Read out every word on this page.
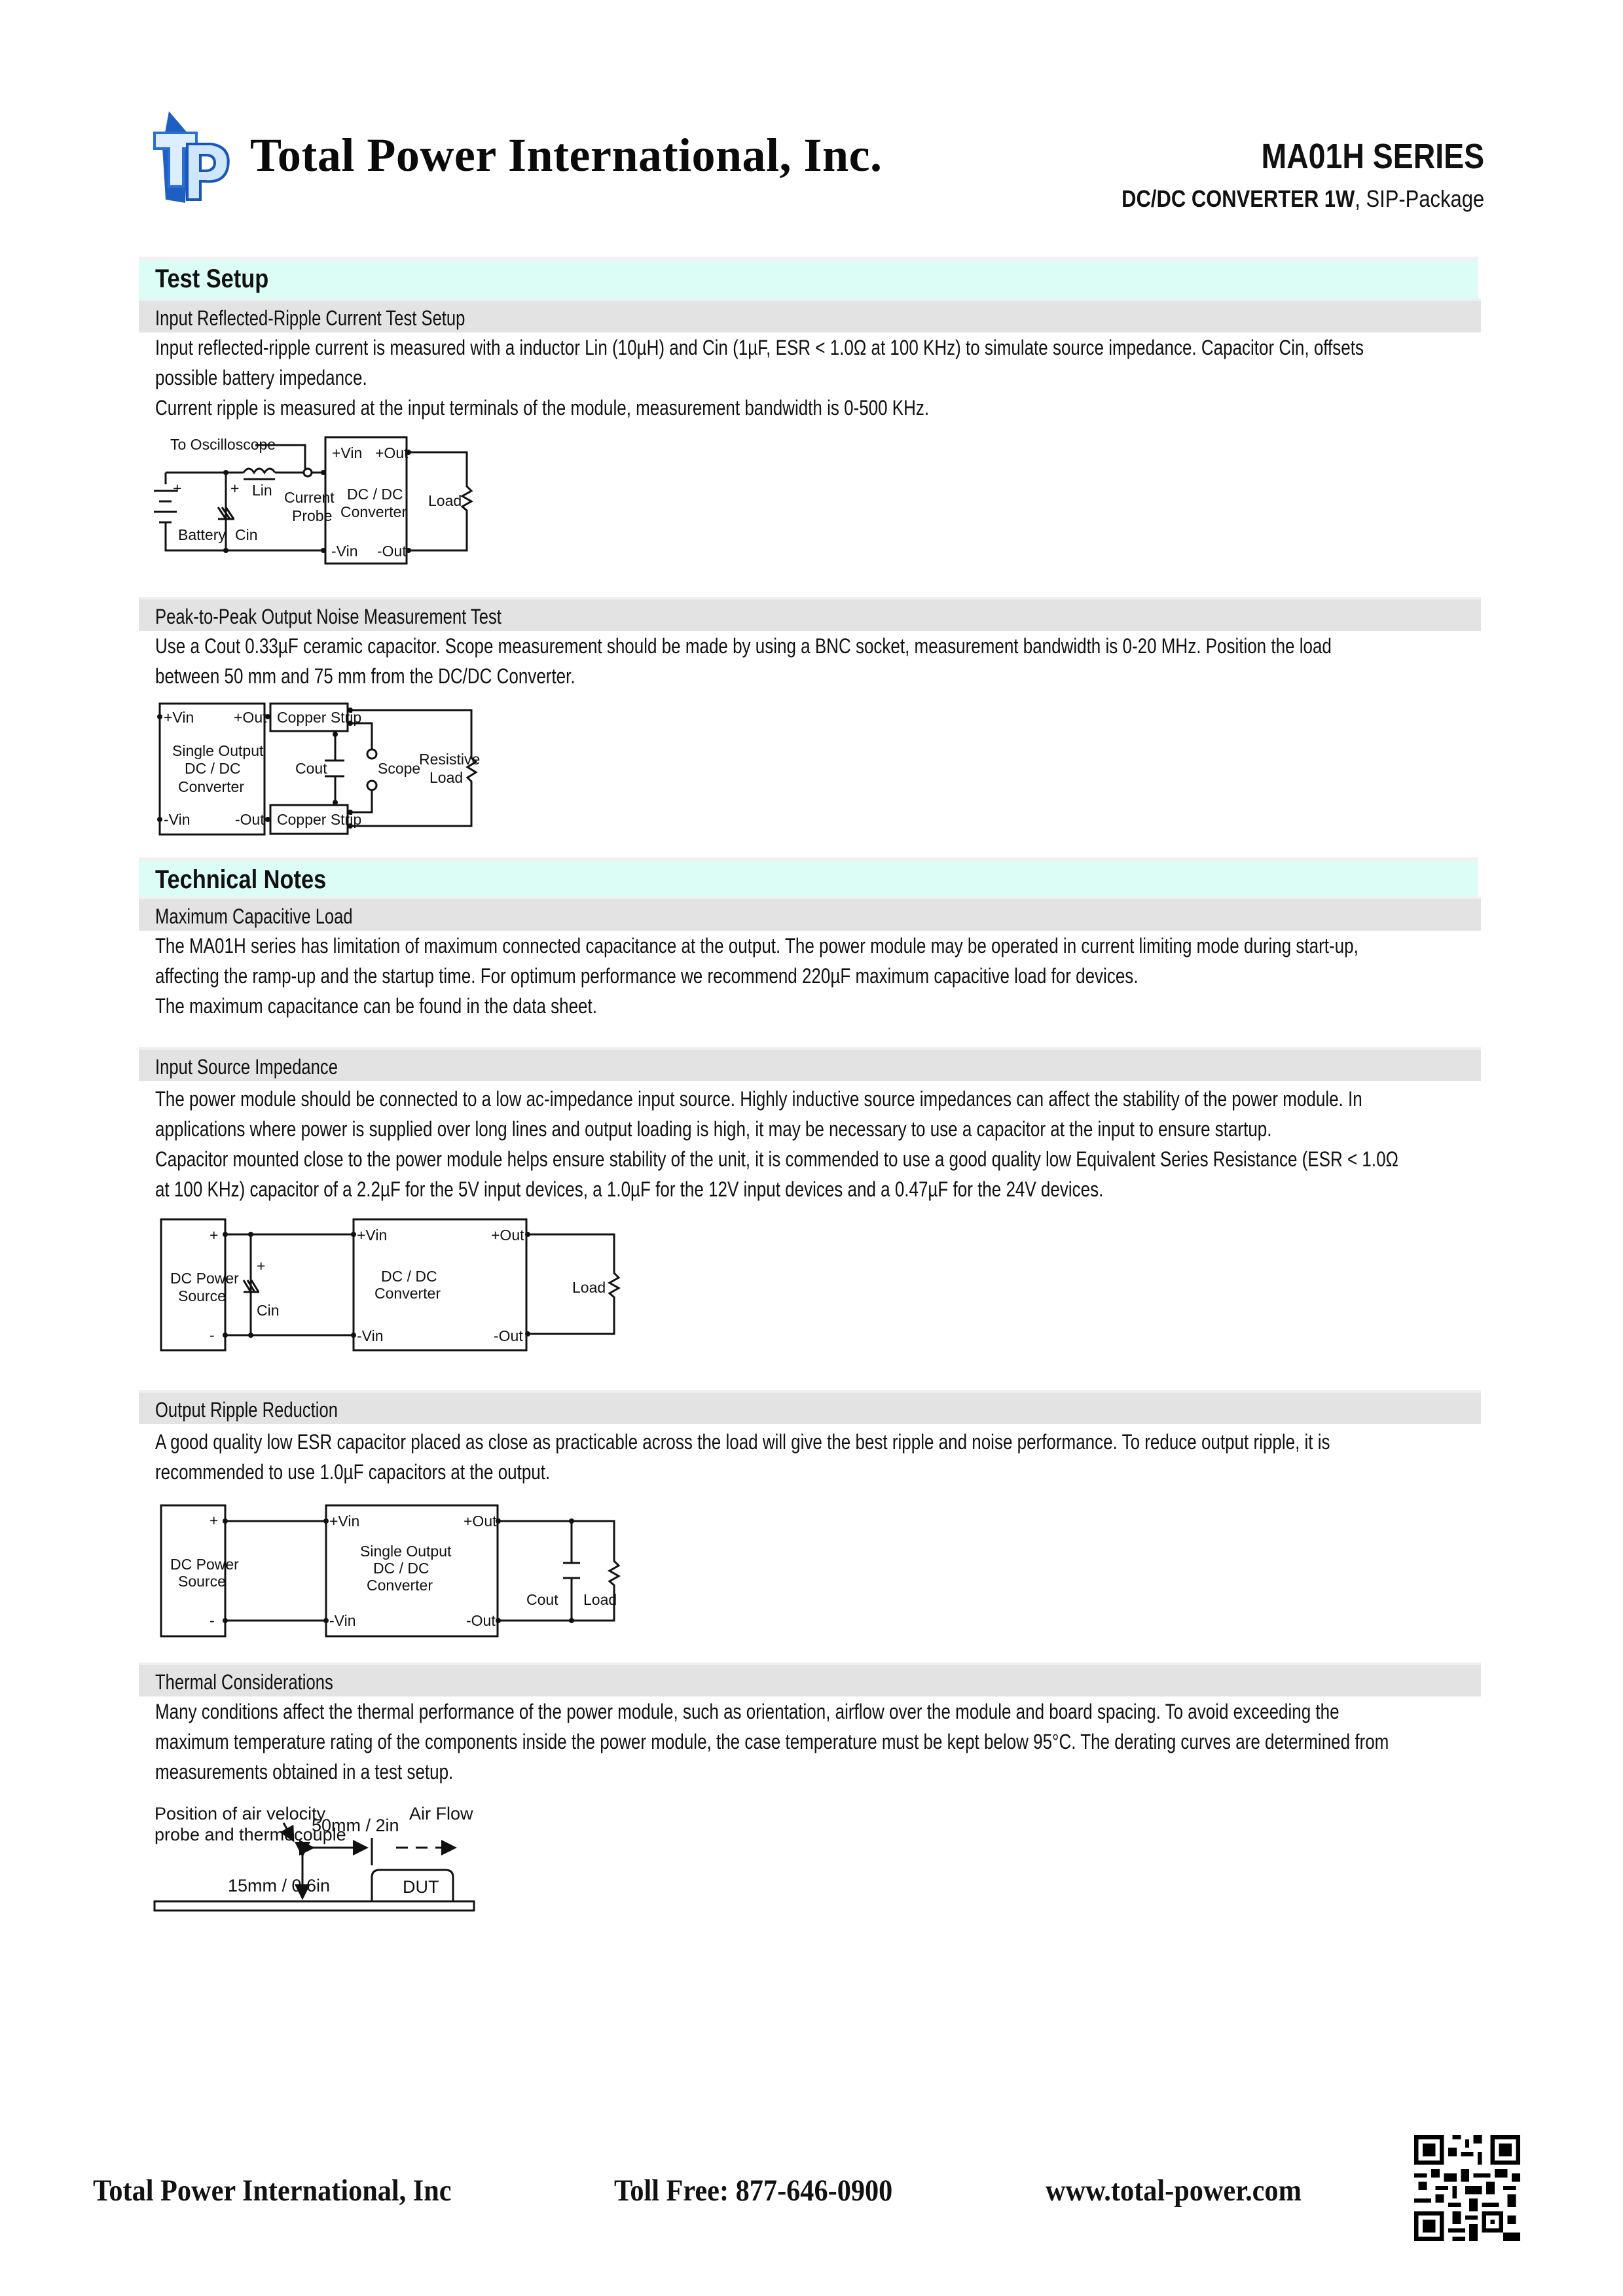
Total Power International, Inc.	MA01H SERIES
DC/DC CONVERTER 1W, SIP-Package
Test Setup
Input Reflected-Ripple Current Test Setup
Input reflected-ripple current is measured with a inductor Lin (10µH) and Cin (1µF, ESR < 1.0Ω at 100 KHz) to simulate source impedance. Capacitor Cin, offsets
possible battery impedance.
Current ripple is measured at the input terminals of the module, measurement bandwidth is 0-500 KHz.
To Oscilloscope
+	+ Lin Current
Probe
Battery Cin
+Vin +Out
DC / DC
Converter
-Vin -Out
Load
Peak-to-Peak Output Noise Measurement Test
Use a Cout 0.33µF ceramic capacitor. Scope measurement should be made by using a BNC socket, measurement bandwidth is 0-20 MHz. Position the load
between 50 mm and 75 mm from the DC/DC Converter.
+Vin	+Out
Single Output
DC / DC
Converter
-Vin	-Out
Copper Strip
Copper Strip
Cout	Scope
Resistive
Load
Technical Notes
Maximum Capacitive Load
The MA01H series has limitation of maximum connected capacitance at the output. The power module may be operated in current limiting mode during start-up,
affecting the ramp-up and the startup time. For optimum performance we recommend 220µF maximum capacitive load for devices.
The maximum capacitance can be found in the data sheet.
Input Source Impedance
The power module should be connected to a low ac-impedance input source. Highly inductive source impedances can affect the stability of the power module. In
applications where power is supplied over long lines and output loading is high, it may be necessary to use a capacitor at the input to ensure startup.
Capacitor mounted close to the power module helps ensure stability of the unit, it is commended to use a good quality low Equivalent Series Resistance (ESR < 1.0Ω
at 100 KHz) capacitor of a 2.2µF for the 5V input devices, a 1.0µF for the 12V input devices and a 0.47µF for the 24V devices.
+
-
DC Power
Source
+
Cin
+Vin	+Out
DC / DC
Converter
-Vin	-Out
Load
Output Ripple Reduction
A good quality low ESR capacitor placed as close as practicable across the load will give the best ripple and noise performance. To reduce output ripple, it is
recommended to use 1.0µF capacitors at the output.
+
-
DC Power
Source
+Vin	+Out
Single Output
DC / DC
Converter
-Vin	-Out
Cout Load
Thermal Considerations
Many conditions affect the thermal performance of the power module, such as orientation, airflow over the module and board spacing. To avoid exceeding the
maximum temperature rating of the components inside the power module, the case temperature must be kept below 95°C. The derating curves are determined from
measurements obtained in a test setup.
Position of air velocity
probe and thermocouple
50mm / 2in
Air Flow
15mm / 0.6in	DUT
Total Power International, Inc	Toll Free: 877-646-0900	www.total-power.com
